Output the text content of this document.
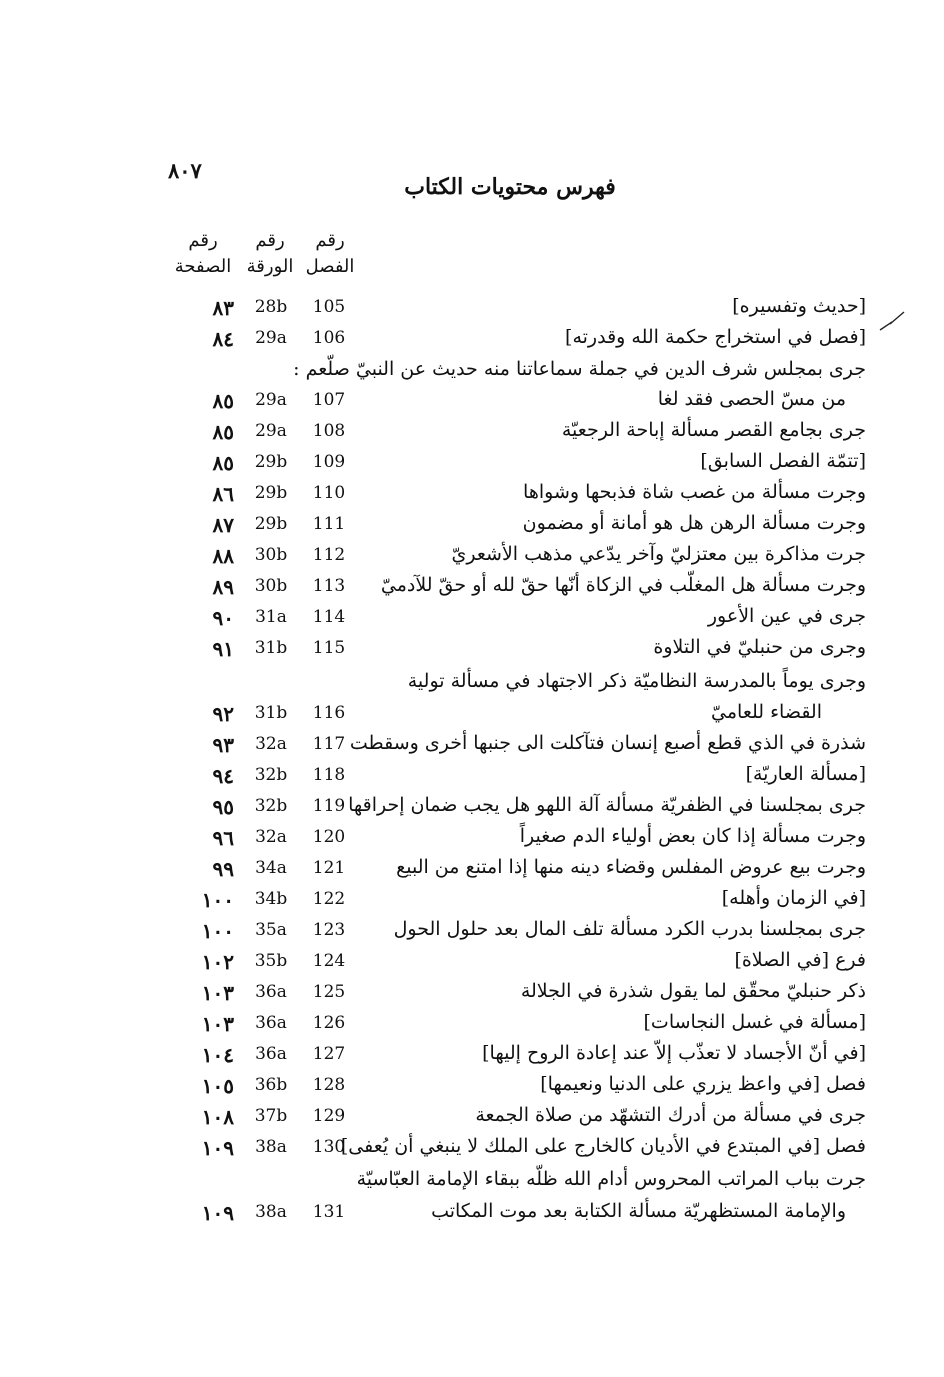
٨٠٧
فهرس محتويات الكتاب
رقم
الصفحة
رقم
الورقة
رقم
الفصل
[حديث وتفسيره]
105
28b
٨٣
[فصل في استخراج حكمة الله وقدرته]
106
29a
٨٤
جرى بمجلس شرف الدين في جملة سماعاتنا منه حديث عن النبيّ صلّعم :
من مسّ الحصى فقد لغا
107
29a
٨٥
جرى بجامع القصر مسألة إباحة الرجعيّة
108
29a
٨٥
[تتمّة الفصل السابق]
109
29b
٨٥
وجرت مسألة من غصب شاة فذبحها وشواها
110
29b
٨٦
وجرت مسألة الرهن هل هو أمانة أو مضمون
111
29b
٨٧
جرت مذاكرة بين معتزليّ وآخر يدّعي مذهب الأشعريّ
112
30b
٨٨
وجرت مسألة هل المغلّب في الزكاة أنّها حقّ لله أو حقّ للآدميّ
113
30b
٨٩
جرى في عين الأعور
114
31a
٩٠
وجرى من حنبليّ في التلاوة
115
31b
٩١
وجرى يوماً بالمدرسة النظاميّة ذكر الاجتهاد في مسألة تولية
القضاء للعاميّ
116
31b
٩٢
شذرة في الذي قطع أصبع إنسان فتآكلت الى جنبها أخرى وسقطت
117
32a
٩٣
[مسألة العاريّة]
118
32b
٩٤
جرى بمجلسنا في الظفريّة مسألة آلة اللهو هل يجب ضمان إحراقها
119
32b
٩٥
وجرت مسألة إذا كان بعض أولياء الدم صغيراً
120
32a
٩٦
وجرت بيع عروض المفلس وقضاء دينه منها إذا امتنع من البيع
121
34a
٩٩
[في الزمان وأهله]
122
34b
١٠٠
جرى بمجلسنا بدرب الكرد مسألة تلف المال بعد حلول الحول
123
35a
١٠٠
فرع [في الصلاة]
124
35b
١٠٢
ذكر حنبليّ محقّق لما يقول شذرة في الجلالة
125
36a
١٠٣
[مسألة في غسل النجاسات]
126
36a
١٠٣
[في أنّ الأجساد لا تعذّب إلاّ عند إعادة الروح إليها]
127
36a
١٠٤
فصل [في واعظ يزري على الدنيا ونعيمها]
128
36b
١٠٥
جرى في مسألة من أدرك التشهّد من صلاة الجمعة
129
37b
١٠٨
فصل [في المبتدع في الأديان كالخارج على الملك لا ينبغي أن يُعفى]
130
38a
١٠٩
جرت بباب المراتب المحروس أدام الله ظلّه ببقاء الإمامة العبّاسيّة
والإمامة المستظهريّة مسألة الكتابة بعد موت المكاتب
131
38a
١٠٩
